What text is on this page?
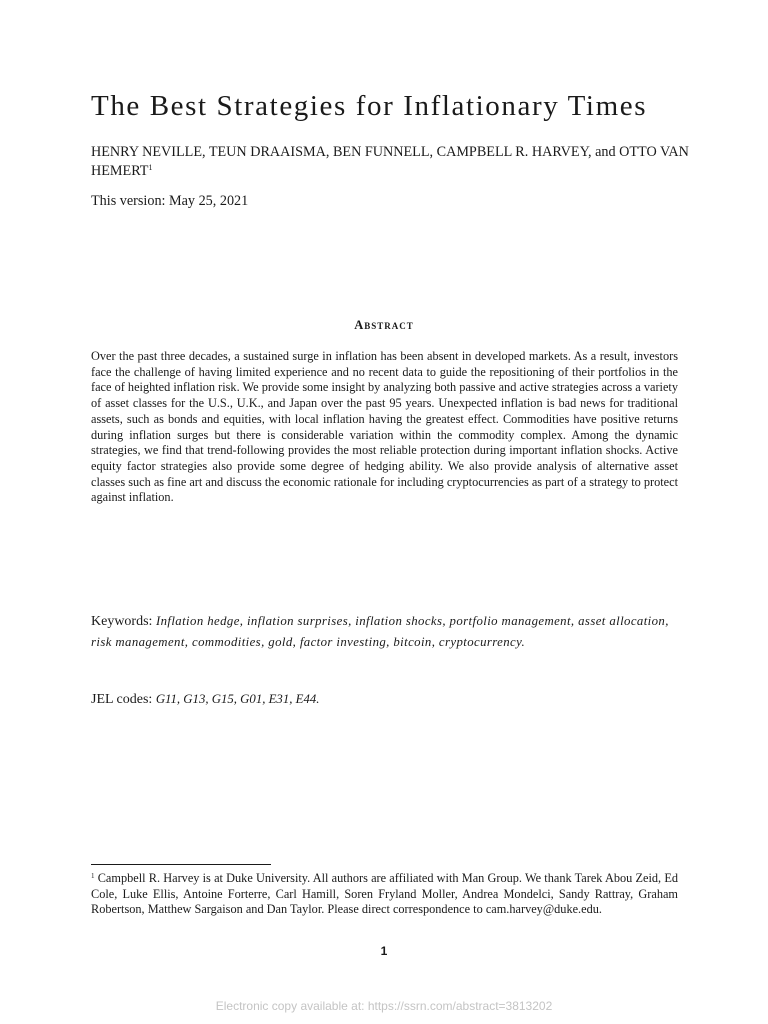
The Best Strategies for Inflationary Times

HENRY NEVILLE, TEUN DRAAISMA, BEN FUNNELL, CAMPBELL R. HARVEY, and OTTO VAN HEMERT$^1$

This version: May 25, 2021

Abstract

Over the past three decades, a sustained surge in inflation has been absent in developed markets. As a result, investors face the challenge of having limited experience and no recent data to guide the repositioning of their portfolios in the face of heighted inflation risk. We provide some insight by analyzing both passive and active strategies across a variety of asset classes for the U.S., U.K., and Japan over the past 95 years. Unexpected inflation is bad news for traditional assets, such as bonds and equities, with local inflation having the greatest effect. Commodities have positive returns during inflation surges but there is considerable variation within the commodity complex. Among the dynamic strategies, we find that trend-following provides the most reliable protection during important inflation shocks. Active equity factor strategies also provide some degree of hedging ability. We also provide analysis of alternative asset classes such as fine art and discuss the economic rationale for including cryptocurrencies as part of a strategy to protect against inflation.

Keywords: Inflation hedge, inflation surprises, inflation shocks, portfolio management, asset allocation, risk management, commodities, gold, factor investing, bitcoin, cryptocurrency.

JEL codes: G11, G13, G15, G01, E31, E44.

$^1$ Campbell R. Harvey is at Duke University. All authors are affiliated with Man Group. We thank Tarek Abou Zeid, Ed Cole, Luke Ellis, Antoine Forterre, Carl Hamill, Soren Fryland Moller, Andrea Mondelci, Sandy Rattray, Graham Robertson, Matthew Sargaison and Dan Taylor. Please direct correspondence to cam.harvey@duke.edu.

1

Electronic copy available at: https://ssrn.com/abstract=3813202
